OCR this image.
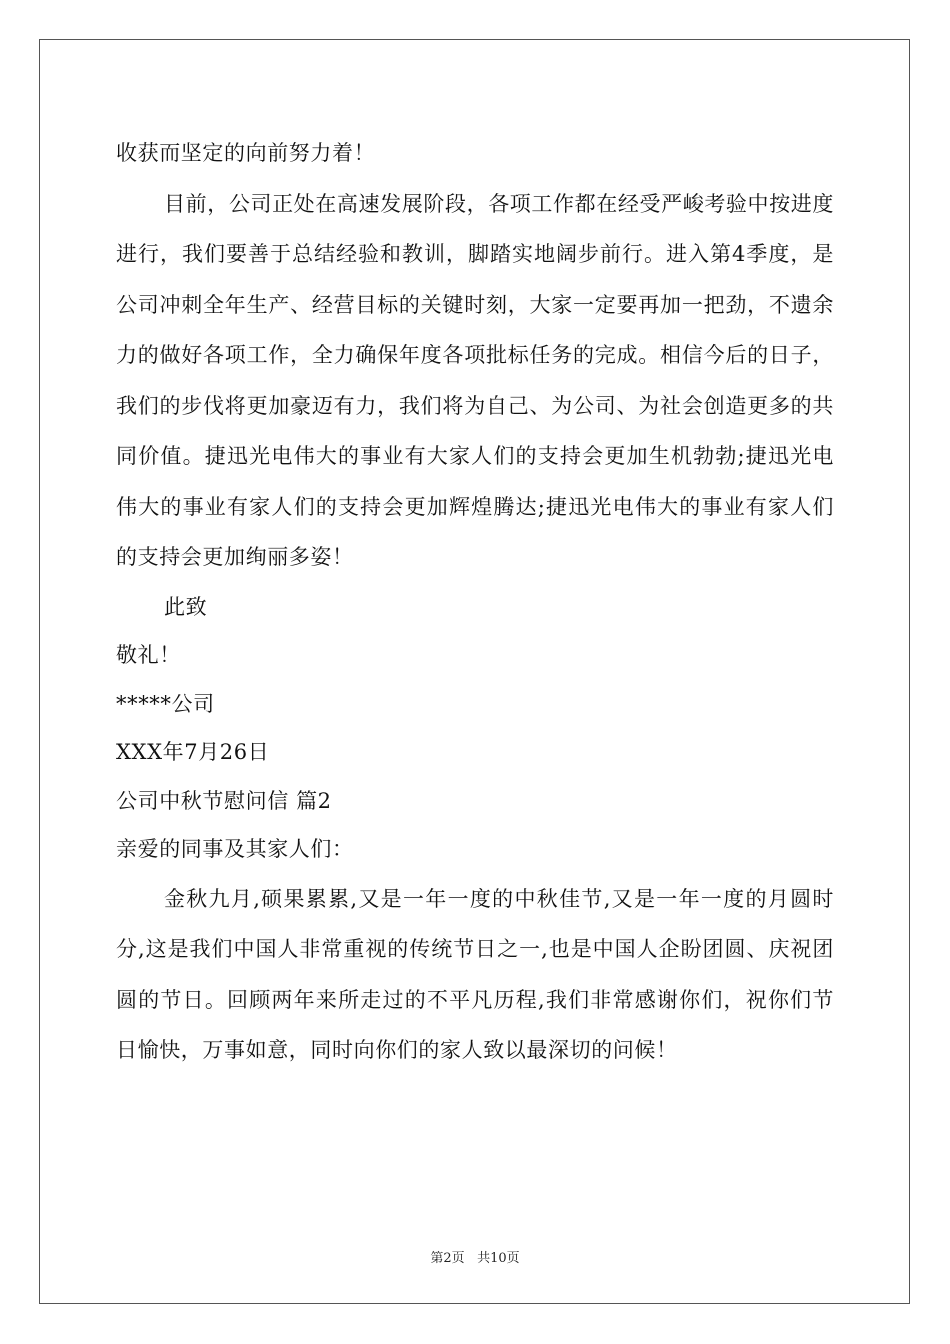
收获而坚定的向前努力着！

目前，公司正处在高速发展阶段，各项工作都在经受严峻考验中按进度进行，我们要善于总结经验和教训，脚踏实地阔步前行。进入第4季度，是公司冲刺全年生产、经营目标的关键时刻，大家一定要再加一把劲，不遗余力的做好各项工作，全力确保年度各项批标任务的完成。相信今后的日子，我们的步伐将更加豪迈有力，我们将为自己、为公司、为社会创造更多的共同价值。捷迅光电伟大的事业有大家人们的支持会更加生机勃勃;捷迅光电伟大的事业有家人们的支持会更加辉煌腾达;捷迅光电伟大的事业有家人们的支持会更加绚丽多姿！

此致

敬礼！

*****公司

XXX年7月26日

公司中秋节慰问信 篇2

亲爱的同事及其家人们：

金秋九月,硕果累累,又是一年一度的中秋佳节,又是一年一度的月圆时分,这是我们中国人非常重视的传统节日之一,也是中国人企盼团圆、庆祝团圆的节日。回顾两年来所走过的不平凡历程,我们非常感谢你们，祝你们节日愉快，万事如意，同时向你们的家人致以最深切的问候！

第2页 共10页
